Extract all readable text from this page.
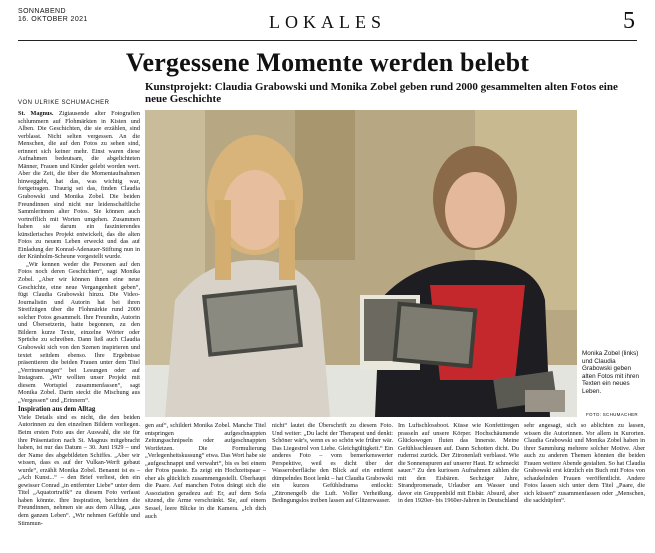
SONNABEND
16. OKTOBER 2021	LOKALES	5
Vergessene Momente werden belebt
Kunstprojekt: Claudia Grabowski und Monika Zobel geben rund 2000 gesammelten alten Fotos eine neue Geschichte
VON ULRIKE SCHUMACHER

St. Magnus. Zigtausende alter Fotografien schlummern auf Flohmärkten in Kisten und Alben. Die Geschichten, die sie erzählen, sind verblasst. Nicht selten vergessen. An die Menschen, die auf den Fotos zu sehen sind, erinnert sich keiner mehr. Einst waren diese Aufnahmen bedeutsam, die abgelichteten Männer, Frauen und Kinder gelebt worden wert. Aber die Zeit, die über die Momentaufnahmen hinweggeht, hat das, was wichtig war, fortgetragen. Traurig sei das, finden Claudia Grabowski und Monika Zobel. Die beiden Freundinnen sind nicht nur leidenschaftliche Sammlerinnen alter Fotos. Sie können auch vortrefflich mit Worten umgehen. Zusammen haben sie darum ein faszinierendes künstlerisches Projekt entwickelt, das die alten Fotos zu neuem Leben erweckt und das auf Einladung der Konrad-Adenauer-Stiftung nun in der Kränholm-Scheune vorgestellt wurde.

„Wir kennen weder die Personen auf den Fotos noch deren Geschichten“, sagt Monika Zobel. „Aber wir können ihnen eine neue Geschichte, eine neue Vergangenheit geben“, fügt Claudia Grabowski hinzu. Die Video-Journalistin und Autorin hat bei ihren Streifzügen über die Flohmärkte rund 2000 solcher Fotos gesammelt. Ihre Freundin, Autorin und Übersetzerin, hatte begonnen, zu den Bildern kurze Texte, einzelne Wörter oder Sprüche zu schreiben. Dann ließ auch Claudia Grabowski sich von den Szenen inspirieren und textet seitdem ebenso. Ihre Ergebnisse präsentieren die beiden Frauen unter dem Titel „Verrinnerungen“ bei Lesungen oder auf Instagram. „Wir wollten unser Projekt mit diesem Wortspiel zusammenfassen“, sagt Monika Zobel. Darin steckt die Mischung aus „Vergessen“ und „Erinnern“.

Inspiration aus dem Alltag

Viele Details sind es nicht, die den beiden Autorinnen zu den einzelnen Bildern vorliegen. Beim ersten Foto aus der Auswahl, die sie für ihre Präsentation nach St. Magnus mitgebracht haben, ist nur das Datum – 30. Juni 1929 – und der Name des abgebildeten Schiffes. „Aber wir wissen, dass es auf der Vulkan-Werft gebaut wurde“, erzählt Monika Zobel. Benannt ist es – „Ach Kunst...“ – den Brief verliest, den ein gewisser Conrad „in entfernter Liebe“ unter dem Titel „Aquatortrafik“ zu diesem Foto verfasst haben könnte. Ihre Inspiration, berichten die Freundinnen, nehmen sie aus dem Alltag, „aus dem ganzen Leben“. „Wir nehmen Gefühle und Stimmun-

Monika Zobel (links) und Claudia Grabowski geben alten Fotos mit ihren Texten ein neues Leben.
FOTO: SCHUMACHER
gen auf“, schildert Monika Zobel. Manche Titel entspringen aufgeschnappten Zeitungsschnipseln oder aufgeschnappten Wortfetzen. Die Formulierung „Verlegenheitskussung“ etwa. Das Wort habe sie „aufgeschnappt und verwahrt“, bis es bei einem der Fotos passte. Es zeigt ein Hochzeitspaar – eher als glücklich zusammengestellt. Überhaupt die Paare. Auf manchen Fotos drängt sich die Assoziation geradezu auf: Er, auf dem Sofa sitzend, die Arme verschränkt. Sie, auf einem Sessel, leere Blicke in die Kamera. „Ich dich auch
nicht“ lautet die Überschrift zu diesem Foto. Und weiter: „Du lacht der Therapeut und denkt: Schöner wär's, wenn es so schön wie früher wär. Das Liegestrol von Liebe. Gleichgültigkeit.“ Ein anderes Foto – vom bemerkenswerter Perspektive, weil es dicht über der Wasseroberfläche den Blick auf ein entfernt dümpelndes Boot lenkt – hat Claudia Grabowski ein kurzes Gefühlsdrama entlockt: „Zitronengelb die Luft. Voller Verheißung. Bedingungslos treiben lassen auf Glitzerwasser.
Im Luftschlossboot. Küsse wie Konfettiregen prasseln auf unsere Körper. Hochschäumende Glückswogen fluten das Innerste. Meine Gefühlsschleusen auf. Dann Schotten dicht. Du rudernst zurück. Der Zitronenlaft verblasst. Wie die Sonnenspuren auf unserer Haut. Er schmeckt sauer.“ Zu den kuriosen Aufnahmen zählen die mit den Eisbären. Sechziger Jahre, Strandpromenade, Urlauber am Wasser und davor ein Gruppenbild mit Eisbär. Absurd, aber in den 1920er- bis 1960er-Jahren in Deutschland
sehr angesagt, sich so ablichten zu lassen, wissen die Autorinnen. Vor allem in Kurorten. Claudia Grabowski und Monika Zobel haben in ihrer Sammlung mehrere solcher Motive. Aber auch zu anderen Themen könnten die beiden Frauen weitere Abende gestalten. So hat Claudia Grabowski erst kürzlich ein Buch mit Fotos von schaukelnden Frauen veröffentlicht. Andere Fotos lassen sich unter dem Titel „Paare, die sich küssen“ zusammenfassen oder „Menschen, die sackhüpfen“.
